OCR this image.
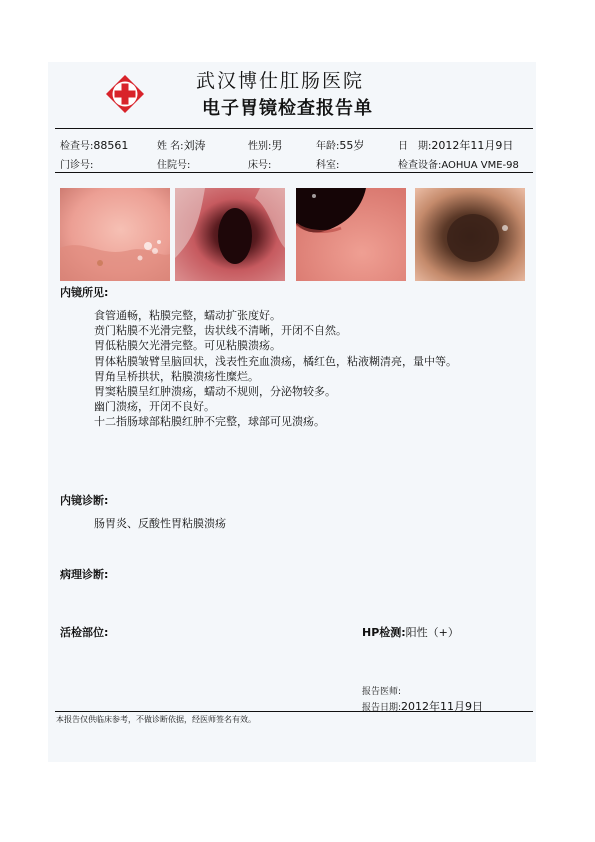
武汉博仕肛肠医院
电子胃镜检查报告单
检查号:88561	姓 名:刘涛	性别:男	年龄:55岁	日　期:2012年11月9日
门诊号:	住院号:	床号:	科室:	检查设备:AOHUA VME-98
内镜所见:
食管通畅，粘膜完整，蠕动扩张度好。
贲门粘膜不光滑完整，齿状线不清晰，开闭不自然。
胃低粘膜欠光滑完整。可见粘膜溃疡。
胃体粘膜皱臂呈脑回状，浅表性充血溃疡，橘红色，粘液糊清亮，量中等。
胃角呈桥拱状，粘膜溃疡性糜烂。
胃窦粘膜呈红肿溃疡，蠕动不规则，分泌物较多。
幽门溃疡，开闭不良好。
十二指肠球部粘膜红肿不完整，球部可见溃疡。
内镜诊断:
肠胃炎、反酸性胃粘膜溃疡
病理诊断:
活检部位:	HP检测:阳性（+）
报告医师:
报告日期:2012年11月9日
本报告仅供临床参考，不做诊断依据，经医师签名有效。
